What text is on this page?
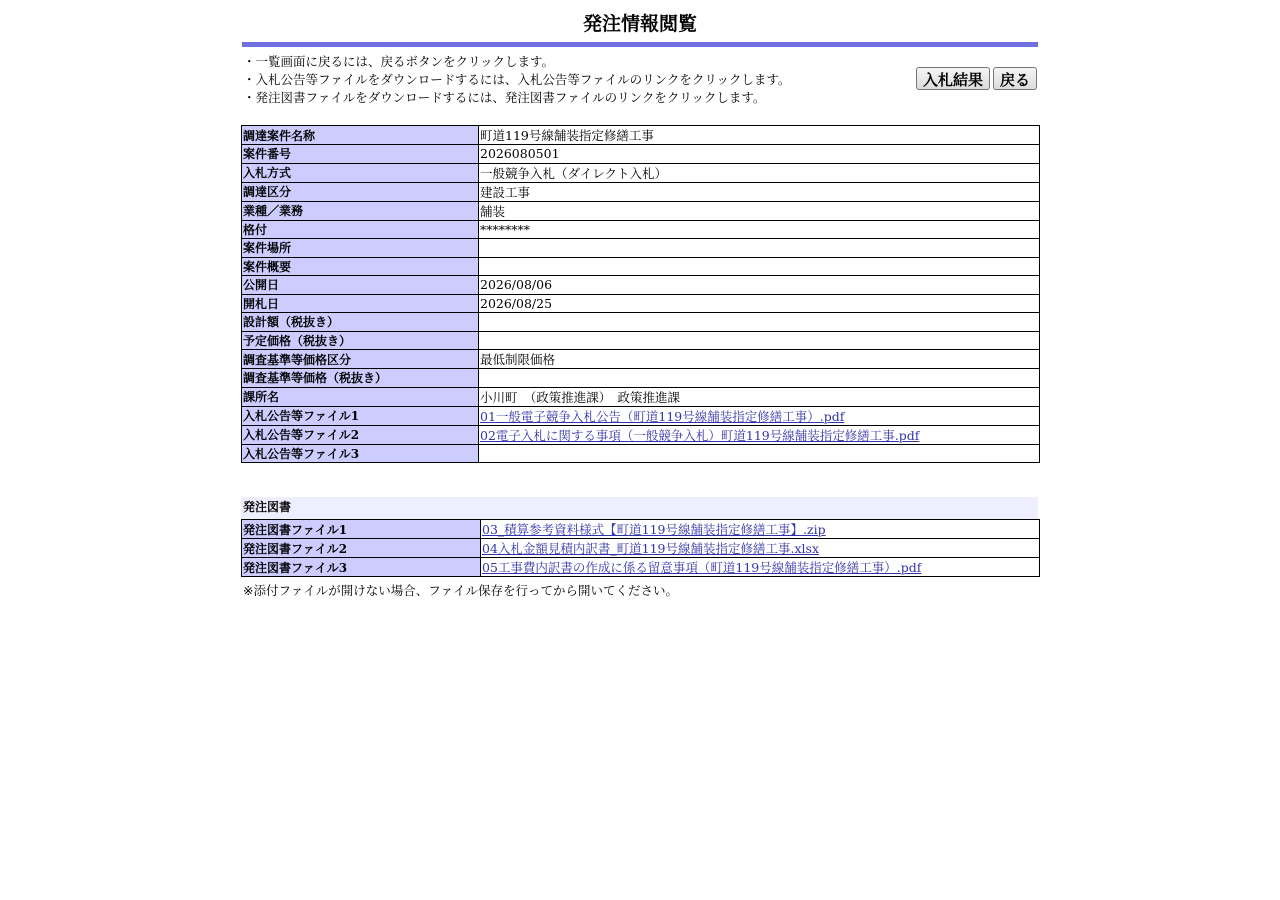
発注情報閲覧
・一覧画面に戻るには、戻るボタンをクリックします。
・入札公告等ファイルをダウンロードするには、入札公告等ファイルのリンクをクリックします。
・発注図書ファイルをダウンロードするには、発注図書ファイルのリンクをクリックします。
入札結果	戻る
調達案件名称	町道119号線舗装指定修繕工事
案件番号	2026080501
入札方式	一般競争入札（ダイレクト入札）
調達区分	建設工事
業種／業務	舗装
格付	********
案件場所	
案件概要	
公開日	2026/08/06
開札日	2026/08/25
設計額（税抜き）	
予定価格（税抜き）	
調査基準等価格区分	最低制限価格
調査基準等価格（税抜き）	
課所名	小川町　（政策推進課）　政策推進課
入札公告等ファイル1	01一般電子競争入札公告（町道119号線舗装指定修繕工事）.pdf
入札公告等ファイル2	02電子入札に関する事項（一般競争入札）町道119号線舗装指定修繕工事.pdf
入札公告等ファイル3	
発注図書
発注図書ファイル1	03_積算参考資料様式【町道119号線舗装指定修繕工事】.zip
発注図書ファイル2	04入札金額見積内訳書_町道119号線舗装指定修繕工事.xlsx
発注図書ファイル3	05工事費内訳書の作成に係る留意事項（町道119号線舗装指定修繕工事）.pdf
※添付ファイルが開けない場合、ファイル保存を行ってから開いてください。
